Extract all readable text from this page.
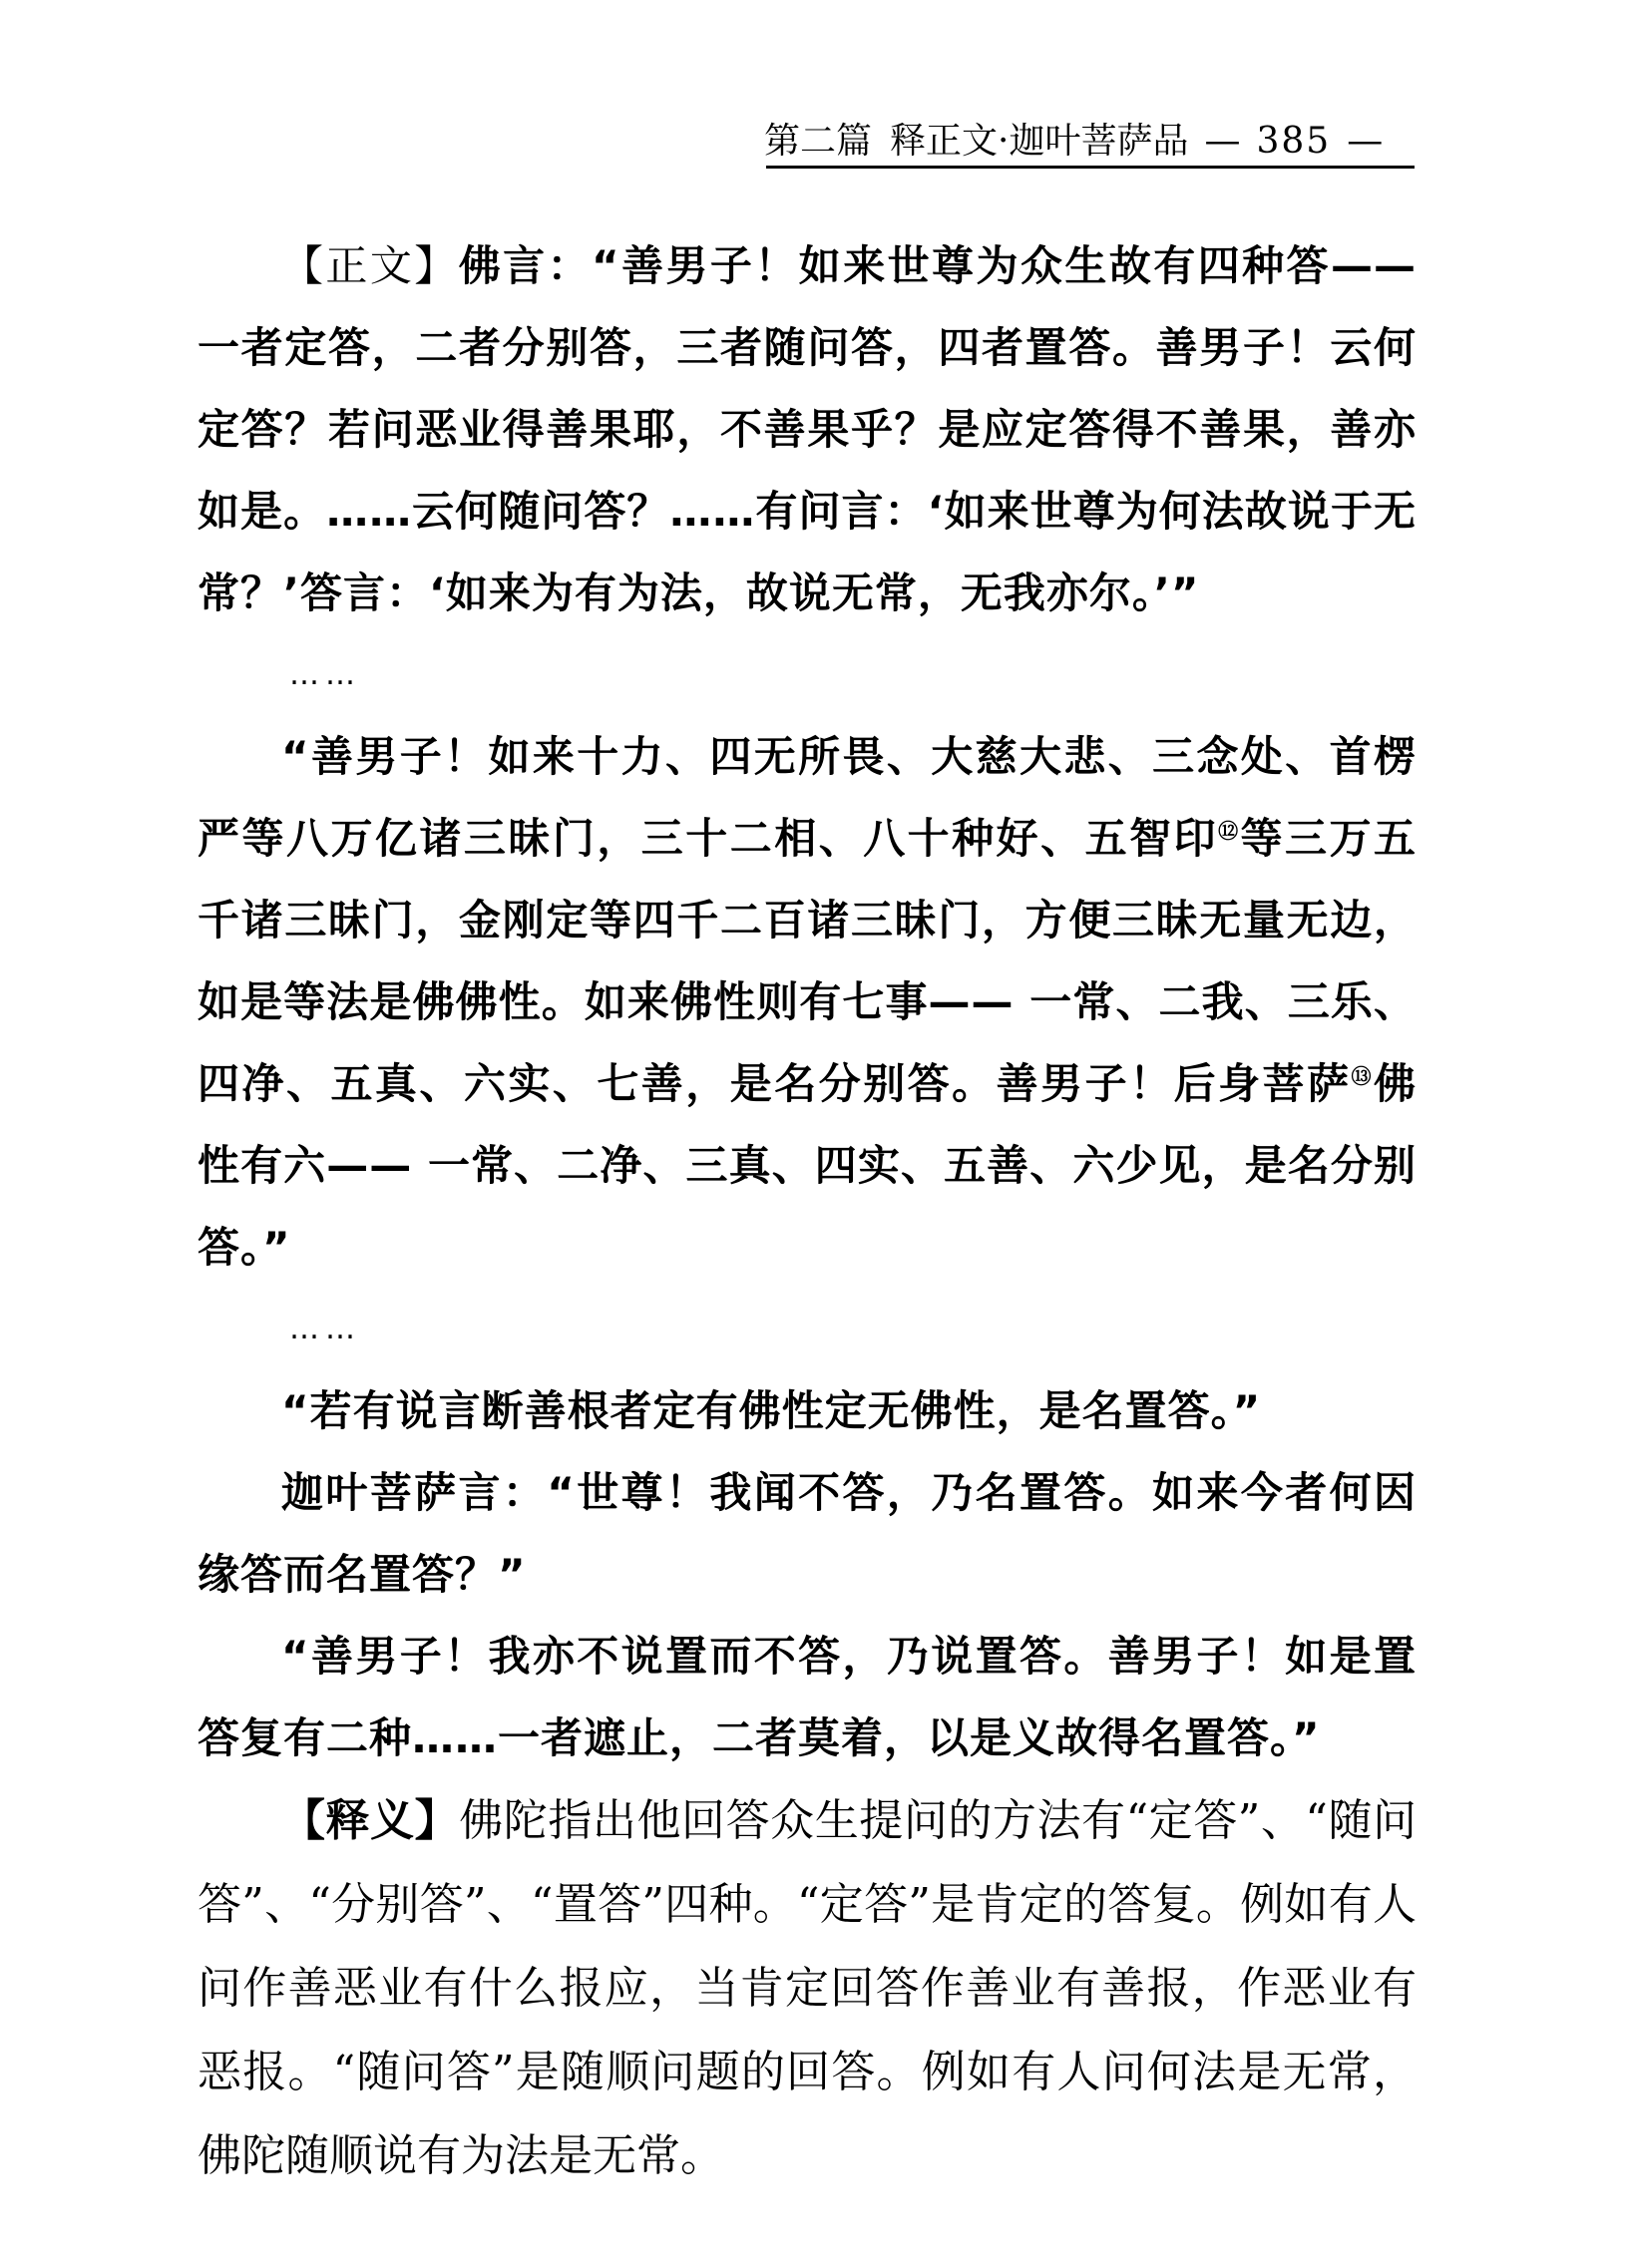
第二篇 释正文·迦叶菩萨品 — 385 —

【正文】佛言：“善男子！如来世尊为众生故有四种答——一者定答，二者分别答，三者随问答，四者置答。善男子！云何定答？若问恶业得善果耶，不善果乎？是应定答得不善果，善亦如是。……云何随问答？……有问言：‘如来世尊为何法故说于无常？’答言：‘如来为有为法，故说无常，无我亦尔。’”

……

“善男子！如来十力、四无所畏、大慈大悲、三念处、首楞严等八万亿诸三昧门，三十二相、八十种好、五智印⑫等三万五千诸三昧门，金刚定等四千二百诸三昧门，方便三昧无量无边，如是等法是佛佛性。如来佛性则有七事—— 一常、二我、三乐、四净、五真、六实、七善，是名分别答。善男子！后身菩萨⑬佛性有六—— 一常、二净、三真、四实、五善、六少见，是名分别答。”

……

“若有说言断善根者定有佛性定无佛性，是名置答。”

迦叶菩萨言：“世尊！我闻不答，乃名置答。如来今者何因缘答而名置答？”

“善男子！我亦不说置而不答，乃说置答。善男子！如是置答复有二种……一者遮止，二者莫着，以是义故得名置答。”

【释义】佛陀指出他回答众生提问的方法有“定答”、“随问答”、“分别答”、“置答”四种。“定答”是肯定的答复。例如有人问作善恶业有什么报应，当肯定回答作善业有善报，作恶业有恶报。“随问答”是随顺问题的回答。例如有人问何法是无常，佛陀随顺说有为法是无常。
